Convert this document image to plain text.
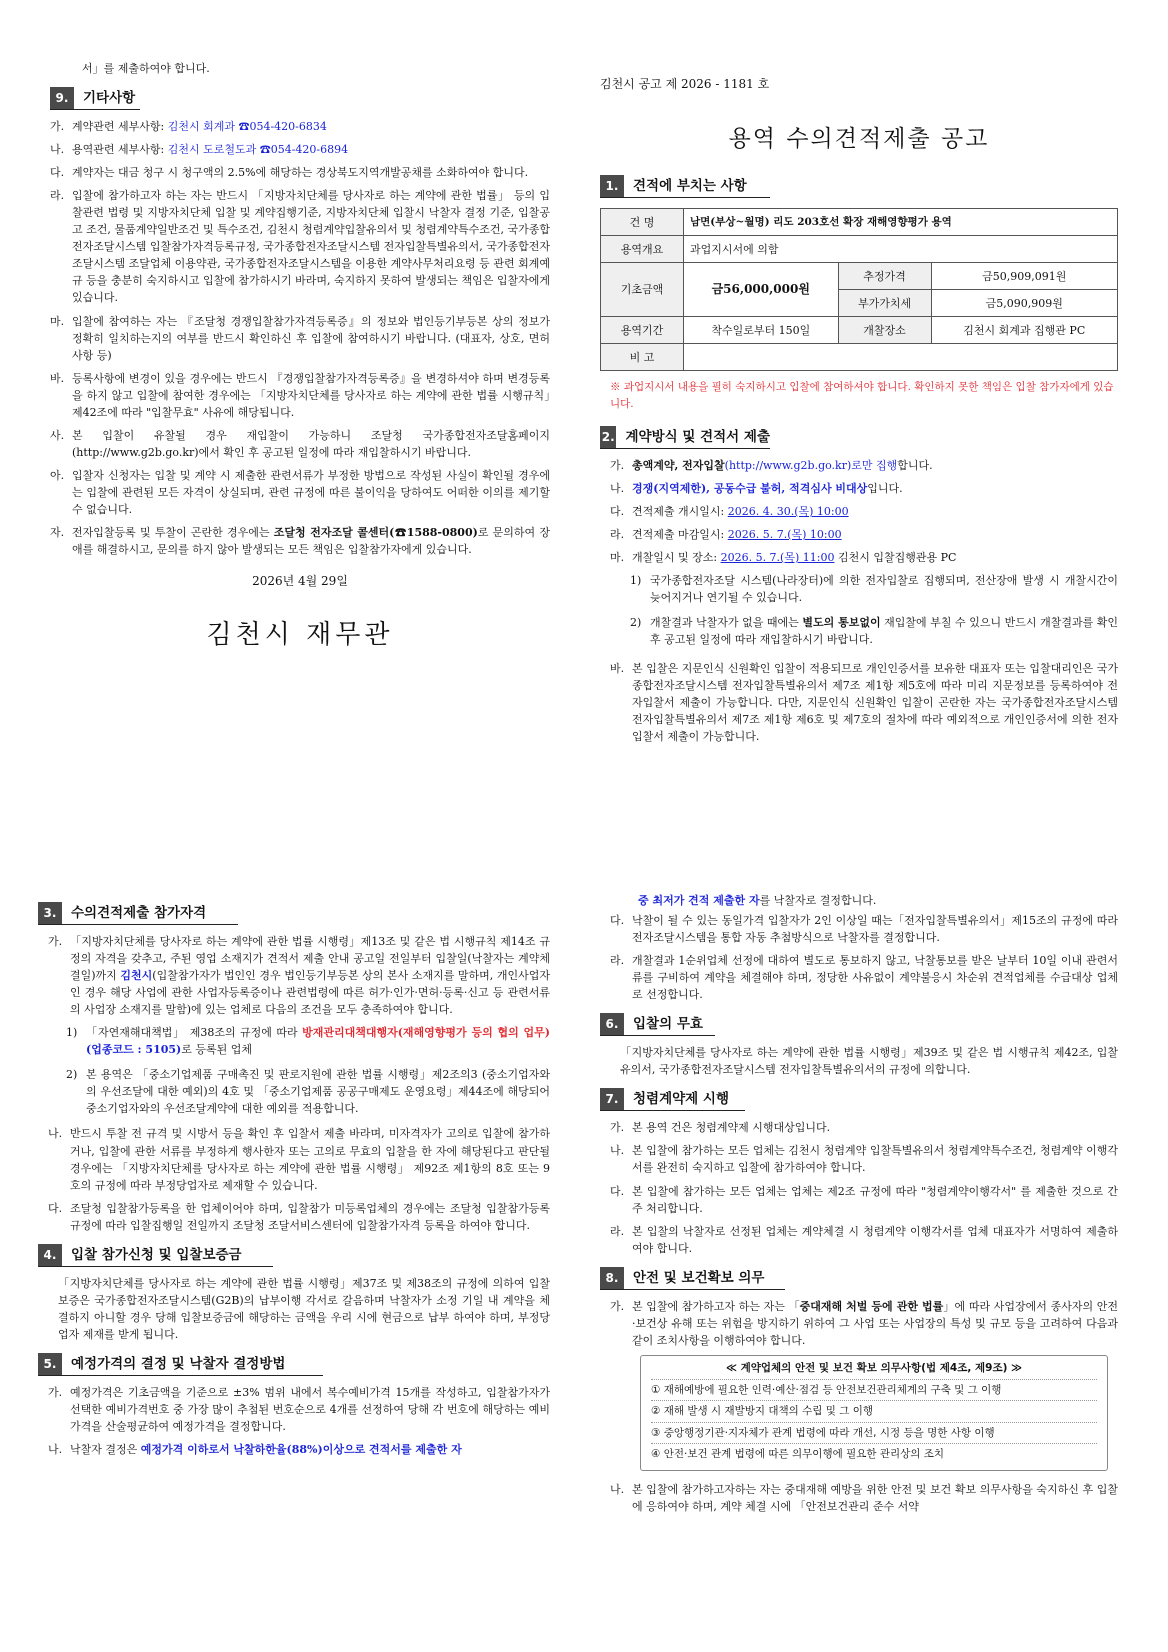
서」를 제출하여야 합니다.
9.	기타사항
가. 계약관련 세부사항: 김천시 회계과 ☎054-420-6834
나. 용역관련 세부사항: 김천시 도로철도과 ☎054-420-6894
다. 계약자는 대금 청구 시 청구액의 2.5%에 해당하는 경상북도지역개발공채를 소화하여야 합니다.
라. 입찰에 참가하고자 하는 자는 반드시 「지방자치단체를 당사자로 하는 계약에 관한 법률」 등의 입찰관련 법령 및 지방자치단체 입찰 및 계약집행기준, 지방자치단체 입찰시 낙찰자 결정 기준, 입찰공고 조건, 물품계약일반조건 및 특수조건, 김천시 청렴계약입찰유의서 및 청렴계약특수조건, 국가종합전자조달시스템 입찰참가자격등록규정, 국가종합전자조달시스템 전자입찰특별유의서, 국가종합전자조달시스템 조달업체 이용약관, 국가종합전자조달시스템을 이용한 계약사무처리요령 등 관련 회계예규 등을 충분히 숙지하시고 입찰에 참가하시기 바라며, 숙지하지 못하여 발생되는 책임은 입찰자에게 있습니다.
마. 입찰에 참여하는 자는 『조달청 경쟁입찰참가자격등록증』의 정보와 법인등기부등본 상의 정보가 정확히 일치하는지의 여부를 반드시 확인하신 후 입찰에 참여하시기 바랍니다. (대표자, 상호, 면허사항 등)
바. 등록사항에 변경이 있을 경우에는 반드시 『경쟁입찰참가자격등록증』을 변경하셔야 하며 변경등록을 하지 않고 입찰에 참여한 경우에는 「지방자치단체를 당사자로 하는 계약에 관한 법률 시행규칙」제42조에 따라 "입찰무효" 사유에 해당됩니다.
사. 본 입찰이 유찰될 경우 재입찰이 가능하니 조달청 국가종합전자조달홈페이지(http://www.g2b.go.kr)에서 확인 후 공고된 일정에 따라 재입찰하시기 바랍니다.
아. 입찰자 신청자는 입찰 및 계약 시 제출한 관련서류가 부정한 방법으로 작성된 사실이 확인될 경우에는 입찰에 관련된 모든 자격이 상실되며, 관련 규정에 따른 불이익을 당하여도 어떠한 이의를 제기할 수 없습니다.
자. 전자입찰등록 및 투찰이 곤란한 경우에는 조달청 전자조달 콜센터(☎1588-0800)로 문의하여 장애를 해결하시고, 문의를 하지 않아 발생되는 모든 책임은 입찰참가자에게 있습니다.
2026년 4월 29일
김천시 재무관
김천시 공고 제 2026 - 1181 호
용역 수의견적제출 공고
1.	견적에 부치는 사항
건 명	남면(부상~월명) 리도 203호선 확장 재해영향평가 용역		
용역개요	과업지시서에 의함		
기초금액	금56,000,000원	추정가격	금50,909,091원
		부가가치세	금5,090,909원
용역기간	착수일로부터 150일	개찰장소	김천시 회계과 집행관 PC
비 고			
※ 과업지시서 내용을 필히 숙지하시고 입찰에 참여하셔야 합니다. 확인하지 못한 책임은 입찰 참가자에게 있습니다.
2. 계약방식 및 견적서 제출
가. 총액계약, 전자입찰(http://www.g2b.go.kr)로만 집행합니다.
나. 경쟁(지역제한), 공동수급 불허, 적격심사 비대상입니다.
다. 견적제출 개시일시: 2026. 4. 30.(목) 10:00
라. 견적제출 마감일시: 2026. 5. 7.(목) 10:00
마. 개찰일시 및 장소: 2026. 5. 7.(목) 11:00 김천시 입찰집행관용 PC
1) 국가종합전자조달 시스템(나라장터)에 의한 전자입찰로 집행되며, 전산장애 발생 시 개찰시간이 늦어지거나 연기될 수 있습니다.
2) 개찰결과 낙찰자가 없을 때에는 별도의 통보없이 재입찰에 부칠 수 있으니 반드시 개찰결과를 확인 후 공고된 일정에 따라 재입찰하시기 바랍니다.
바. 본 입찰은 지문인식 신원확인 입찰이 적용되므로 개인인증서를 보유한 대표자 또는 입찰대리인은 국가종합전자조달시스템 전자입찰특별유의서 제7조 제1항 제5호에 따라 미리 지문정보를 등록하여야 전자입찰서 제출이 가능합니다. 다만, 지문인식 신원확인 입찰이 곤란한 자는 국가종합전자조달시스템 전자입찰특별유의서 제7조 제1항 제6호 및 제7호의 절차에 따라 예외적으로 개인인증서에 의한 전자입찰서 제출이 가능합니다.
3.	수의견적제출 참가자격
가. 「지방자치단체를 당사자로 하는 계약에 관한 법률 시행령」제13조 및 같은 법 시행규칙 제14조 규정의 자격을 갖추고, 주된 영업 소재지가 견적서 제출 안내 공고일 전일부터 입찰일(낙찰자는 계약체결일)까지 김천시(입찰참가자가 법인인 경우 법인등기부등본 상의 본사 소재지를 말하며, 개인사업자인 경우 해당 사업에 관한 사업자등록증이나 관련법령에 따른 허가·인가·면허·등록·신고 등 관련서류의 사업장 소재지를 말함)에 있는 업체로 다음의 조건을 모두 충족하여야 합니다.
1) 「자연재해대책법」 제38조의 규정에 따라 방재관리대책대행자(재해영향평가 등의 협의 업무)(업종코드 : 5105)로 등록된 업체
2) 본 용역은 「중소기업제품 구매촉진 및 판로지원에 관한 법률 시행령」제2조의3 (중소기업자와의 우선조달에 대한 예외)의 4호 및 「중소기업제품 공공구매제도 운영요령」제44조에 해당되어 중소기업자와의 우선조달계약에 대한 예외를 적용합니다.
나. 반드시 투찰 전 규격 및 시방서 등을 확인 후 입찰서 제출 바라며, 미자격자가 고의로 입찰에 참가하거나, 입찰에 관한 서류를 부정하게 행사한자 또는 고의로 무효의 입찰을 한 자에 해당된다고 판단될 경우에는 「지방자치단체를 당사자로 하는 계약에 관한 법률 시행령」 제92조 제1항의 8호 또는 9호의 규정에 따라 부정당업자로 제재할 수 있습니다.
다. 조달청 입찰참가등록을 한 업체이어야 하며, 입찰참가 미등록업체의 경우에는 조달청 입찰참가등록규정에 따라 입찰집행일 전일까지 조달청 조달서비스센터에 입찰참가자격 등록을 하여야 합니다.
4.	입찰 참가신청 및 입찰보증금
「지방자치단체를 당사자로 하는 계약에 관한 법률 시행령」제37조 및 제38조의 규정에 의하여 입찰보증은 국가종합전자조달시스템(G2B)의 납부이행 각서로 갈음하며 낙찰자가 소정 기일 내 계약을 체결하지 아니할 경우 당해 입찰보증금에 해당하는 금액을 우리 시에 현금으로 납부 하여야 하며, 부정당업자 제재를 받게 됩니다.
5.	예정가격의 결정 및 낙찰자 결정방법
가. 예정가격은 기초금액을 기준으로 ±3% 범위 내에서 복수예비가격 15개를 작성하고, 입찰참가자가 선택한 예비가격번호 중 가장 많이 추첨된 번호순으로 4개를 선정하여 당해 각 번호에 해당하는 예비가격을 산술평균하여 예정가격을 결정합니다.
나. 낙찰자 결정은 예정가격 이하로서 낙찰하한율(88%)이상으로 견적서를 제출한 자
중 최저가 견적 제출한 자를 낙찰자로 결정합니다.
다. 낙찰이 될 수 있는 동일가격 입찰자가 2인 이상일 때는「전자입찰특별유의서」제15조의 규정에 따라 전자조달시스템을 통합 자동 추첨방식으로 낙찰자를 결정합니다.
라. 개찰결과 1순위업체 선정에 대하여 별도로 통보하지 않고, 낙찰통보를 받은 날부터 10일 이내 관련서류를 구비하여 계약을 체결해야 하며, 정당한 사유없이 계약불응시 차순위 견적업체를 수급대상 업체로 선정합니다.
6.	입찰의 무효
「지방자치단체를 당사자로 하는 계약에 관한 법률 시행령」제39조 및 같은 법 시행규칙 제42조, 입찰유의서, 국가종합전자조달시스템 전자입찰특별유의서의 규정에 의합니다.
7.	청렴계약제 시행
가. 본 용역 건은 청렴계약제 시행대상입니다.
나. 본 입찰에 참가하는 모든 업체는 김천시 청렴계약 입찰특별유의서 청렴계약특수조건, 청렴계약 이행각서를 완전히 숙지하고 입찰에 참가하여야 합니다.
다. 본 입찰에 참가하는 모든 업체는 업체는 제2조 규정에 따라 "청렴계약이행각서" 를 제출한 것으로 간주 처리합니다.
라. 본 입찰의 낙찰자로 선정된 업체는 계약체결 시 청렴계약 이행각서를 업체 대표자가 서명하여 제출하여야 합니다.
8.	안전 및 보건확보 의무
가. 본 입찰에 참가하고자 하는 자는 「중대재해 처벌 등에 관한 법률」에 따라 사업장에서 종사자의 안전·보건상 유해 또는 위험을 방지하기 위하여 그 사업 또는 사업장의 특성 및 규모 등을 고려하여 다음과 같이 조치사항을 이행하여야 합니다.
≪ 계약업체의 안전 및 보건 확보 의무사항(법 제4조, 제9조) ≫
① 재해예방에 필요한 인력·예산·점검 등 안전보건관리체계의 구축 및 그 이행
② 재해 발생 시 재발방지 대책의 수립 및 그 이행
③ 중앙행정기관·지자체가 관계 법령에 따라 개선, 시정 등을 명한 사항 이행
④ 안전·보건 관계 법령에 따른 의무이행에 필요한 관리상의 조치
나. 본 입찰에 참가하고자하는 자는 중대재해 예방을 위한 안전 및 보건 확보 의무사항을 숙지하신 후 입찰에 응하여야 하며, 계약 체결 시에 「안전보건관리 준수 서약
